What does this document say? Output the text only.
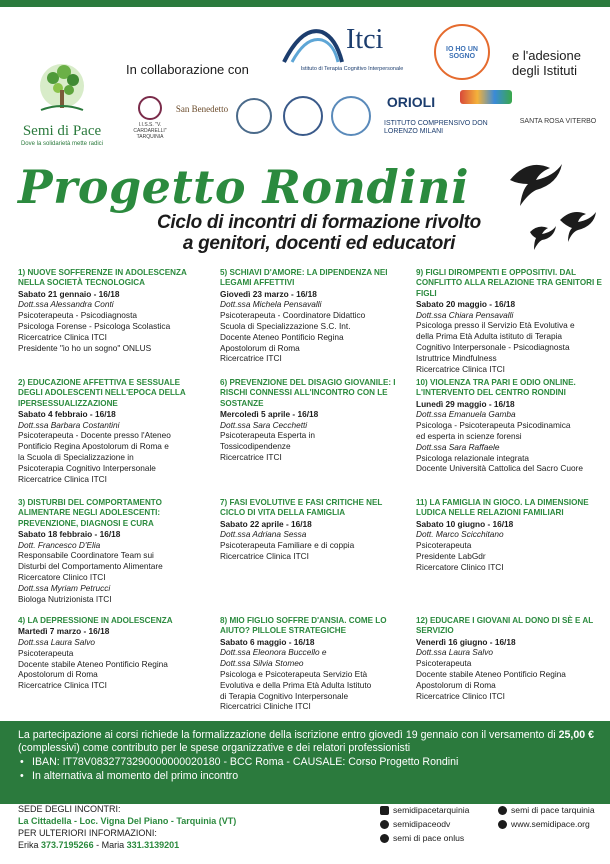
Semi di Pace
Dove la solidarietà mette radici
In collaborazione con
Itci
Istituto di Terapia Cognitivo Interpersonale
IO HO UN SOGNO	e l'adesione
degli Istituti
I.I.S.S. "V. CARDARELLI" TARQUINIA
San Benedetto	ORIOLI
ISTITUTO COMPRENSIVO DON LORENZO MILANI
SANTA ROSA VITERBO
Progetto Rondini
Ciclo di incontri di formazione rivolto
a genitori, docenti ed educatori
1) NUOVE SOFFERENZE IN ADOLESCENZA NELLA SOCIETÀ TECNOLOGICA
Sabato 21 gennaio - 16/18
Dott.ssa Alessandra Conti
Psicoterapeuta - Psicodiagnosta
Psicologa Forense - Psicologa Scolastica
Ricercatrice Clinica ITCI
Presidente "io ho un sogno" ONLUS
2) EDUCAZIONE AFFETTIVA E SESSUALE DEGLI ADOLESCENTI NELL'EPOCA DELLA IPERSESSUALIZZAZIONE
Sabato 4 febbraio - 16/18
Dott.ssa Barbara Costantini
Psicoterapeuta - Docente presso l'Ateneo
Pontificio Regina Apostolorum di Roma e
la Scuola di Specializzazione in
Psicoterapia Cognitivo Interpersonale
Ricercatrice Clinica ITCI
3) DISTURBI DEL COMPORTAMENTO ALIMENTARE NEGLI ADOLESCENTI: PREVENZIONE, DIAGNOSI E CURA
Sabato 18 febbraio - 16/18
Dott. Francesco D'Elia
Responsabile Coordinatore Team sui
Disturbi del Comportamento Alimentare
Ricercatore Clinico ITCI
Dott.ssa Myriam Petrucci
Biologa Nutrizionista ITCI
4) LA DEPRESSIONE IN ADOLESCENZA
Martedì 7 marzo - 16/18
Dott.ssa Laura Salvo
Psicoterapeuta
Docente stabile Ateneo Pontificio Regina
Apostolorum di Roma
Ricercatrice Clinica ITCI
5) SCHIAVI D'AMORE: LA DIPENDENZA NEI LEGAMI AFFETTIVI
Giovedì 23 marzo - 16/18
Dott.ssa Michela Pensavalli
Psicoterapeuta - Coordinatore Didattico
Scuola di Specializzazione S.C. Int.
Docente Ateneo Pontificio Regina
Apostolorum di Roma
Ricercatrice ITCI
6) PREVENZIONE DEL DISAGIO GIOVANILE: I RISCHI CONNESSI ALL'INCONTRO CON LE SOSTANZE
Mercoledì 5 aprile - 16/18
Dott.ssa Sara Cecchetti
Psicoterapeuta Esperta in
Tossicodipendenze
Ricercatrice ITCI
7) FASI EVOLUTIVE E FASI CRITICHE NEL CICLO DI VITA DELLA FAMIGLIA
Sabato 22 aprile - 16/18
Dott.ssa Adriana Sessa
Psicoterapeuta Familiare e di coppia
Ricercatrice Clinica ITCI
8) MIO FIGLIO SOFFRE D'ANSIA. COME LO AIUTO? PILLOLE STRATEGICHE
Sabato 6 maggio - 16/18
Dott.ssa Eleonora Buccello e
Dott.ssa Silvia Stomeo
Psicologa e Psicoterapeuta Servizio Età
Evolutiva e della Prima Età Adulta Istituto
di Terapia Cognitivo Interpersonale
Ricercatrici Cliniche ITCI
9) FIGLI DIROMPENTI E OPPOSITIVI. DAL CONFLITTO ALLA RELAZIONE TRA GENITORI E FIGLI
Sabato 20 maggio - 16/18
Dott.ssa Chiara Pensavalli
Psicologa presso il Servizio Età Evolutiva e
della Prima Età Adulta istituto di Terapia
Cognitivo Interpersonale - Psicodiagnosta
Istruttrice Mindfulness
Ricercatrice Clinica ITCI
10) VIOLENZA TRA PARI E ODIO ONLINE. L'INTERVENTO DEL CENTRO RONDINI
Lunedì 29 maggio - 16/18
Dott.ssa Emanuela Gamba
Psicologa - Psicoterapeuta Psicodinamica
ed esperta in scienze forensi
Dott.ssa Sara Raffaele
Psicologa relazionale integrata
Docente Università Cattolica del Sacro Cuore
11) LA FAMIGLIA IN GIOCO. LA DIMENSIONE LUDICA NELLE RELAZIONI FAMILIARI
Sabato 10 giugno - 16/18
Dott. Marco Scicchitano
Psicoterapeuta
Presidente LabGdr
Ricercatore Clinico ITCI
12) EDUCARE I GIOVANI AL DONO DI SÈ E AL SERVIZIO
Venerdì 16 giugno - 16/18
Dott.ssa Laura Salvo
Psicoterapeuta
Docente stabile Ateneo Pontificio Regina
Apostolorum di Roma
Ricercatrice Clinico ITCI
La partecipazione ai corsi richiede la formalizzazione della iscrizione entro giovedì 19 gennaio con il versamento di 25,00 € (complessivi) come contributo per le spese organizzative e dei relatori professionisti
• IBAN: IT78V0832773290000000020180 - BCC Roma - CAUSALE: Corso Progetto Rondini
• In alternativa al momento del primo incontro
SEDE DEGLI INCONTRI:
La Cittadella - Loc. Vigna Del Piano - Tarquinia (VT)
PER ULTERIORI INFORMAZIONI:
Erika 373.7195266 - Maria 331.3139201
semidipacetarquinia
semidipaceodv
semi di pace onlus
semi di pace tarquinia
www.semidipace.org
